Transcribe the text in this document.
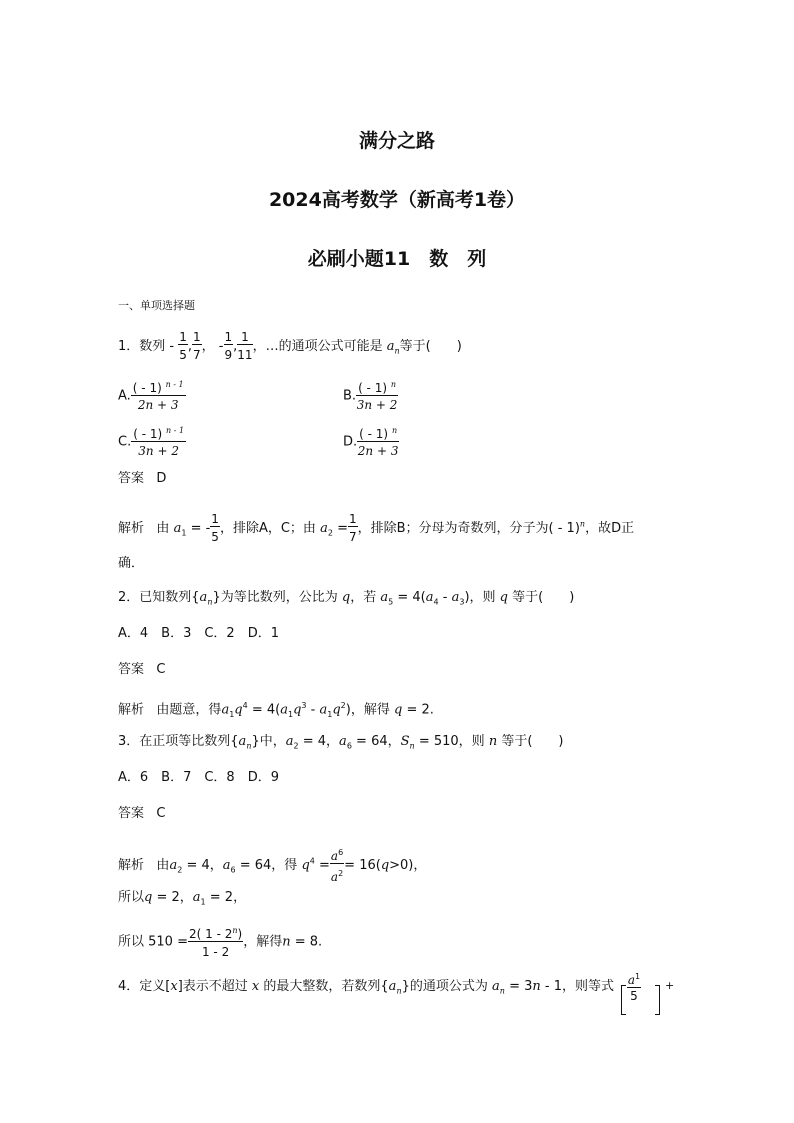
满分之路
2024高考数学（新高考1卷）
必刷小题11　数　列
一、单项选择题
1．数列 - $\frac{1}{5}$ , $\frac{1}{7}$ ， - $\frac{1}{9}$ , $\frac{1}{11}$ ，…的通项公式可能是 $a_n$等于(　　)
A. $\frac{( - 1) ^{n - 1}}{2n + 3}$	B. $\frac{( - 1) ^n}{3n + 2}$
C. $\frac{( - 1) ^{n - 1}}{3n + 2}$	D. $\frac{( - 1) ^n}{2n + 3}$
答案 D
解析 由 $a_1$ = - $\frac{1}{5}$ ，排除A，C；由 $a_2 = \frac{1}{7}$ ，排除B；分母为奇数列，分子为( - 1)$^n$，故D正
确．
2．已知数列$\{a_n\}$为等比数列，公比为 q，若 $a_5 = 4(a_4 - a_3)$，则 q 等于(　　)
A．4　B．3　C．2　D．1
答案 C
解析 由题意，得$a_1q^4 = 4(a_1q^3 - a_1q^2)$，解得 q = 2.
3．在正项等比数列$\{a_n\}$中，$a_2 = 4$，$a_6 = 64$，$S_n = 510$，则 n 等于(　　)
A．6　B．7　C．8　D．9
答案 C
解析 由$a_2 = 4$，$a_6 = 64$，得 $q^4 = \frac{a^6}{a^2} = 16(q>0)$，
所以q = 2，$a_1 = 2$，
所以 $510 = \frac{2( 1 - 2^n)}{1 - 2}$ ，解得n = 8.
4．定义[x]表示不超过 x 的最大整数，若数列$\{a_n\}$的通项公式为 $a_n = 3n - 1$，则等式 $a^1$
5
+
